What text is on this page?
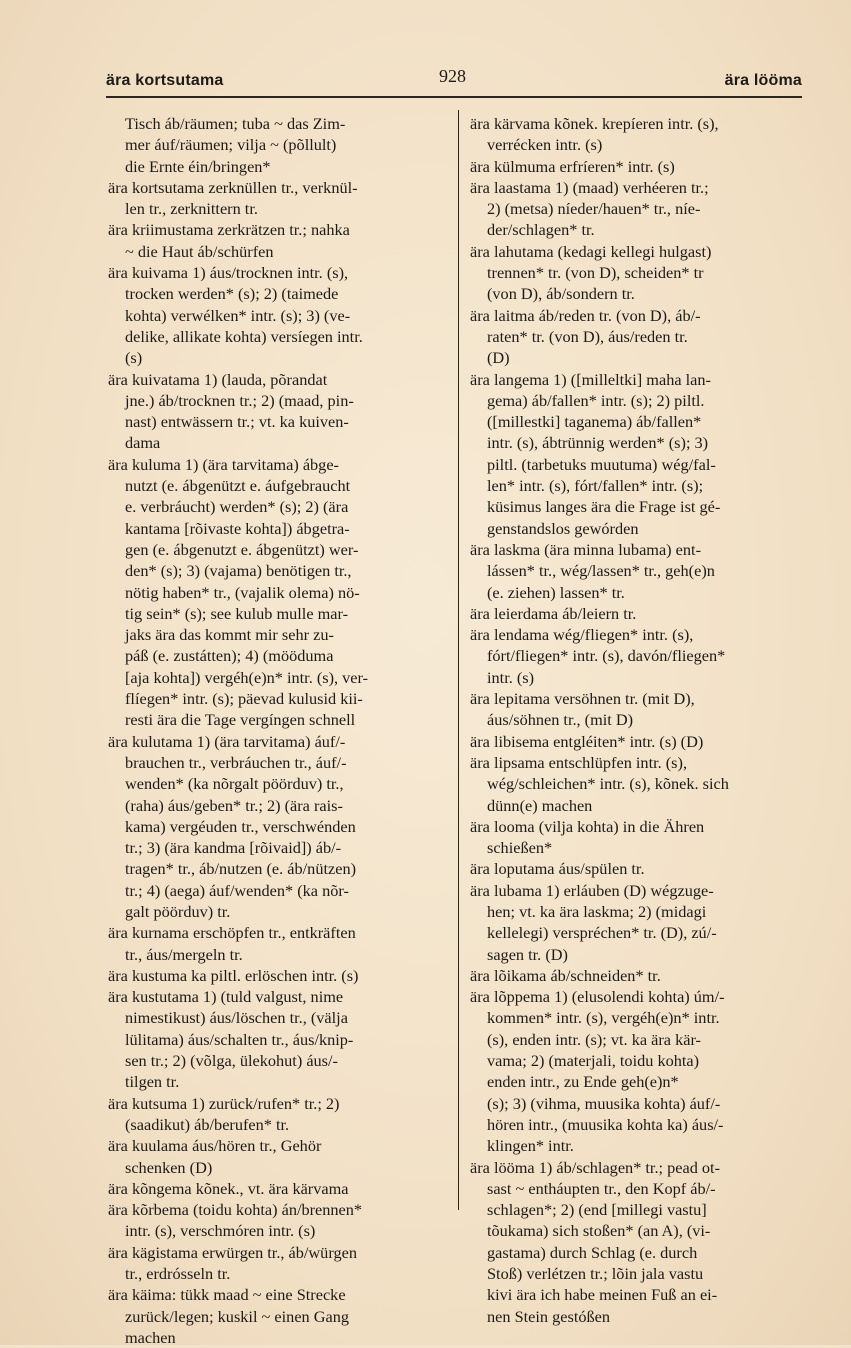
ära kortsutama	928	ära lööma
Tisch áb/räumen; tuba ~ das Zim-
mer áuf/räumen; vilja ~ (põllult)
die Ernte éin/bringen*
ära kortsutama zerknüllen tr., verknül-
len tr., zerknittern tr.
ära kriimustama zerkrätzen tr.; nahka
~ die Haut áb/schürfen
ära kuivama 1) áus/trocknen intr. (s),
trocken werden* (s); 2) (taimede
kohta) verwélken* intr. (s); 3) (ve-
delike, allikate kohta) versíegen intr.
(s)
ära kuivatama 1) (lauda, põrandat
jne.) áb/trocknen tr.; 2) (maad, pin-
nast) entwässern tr.; vt. ka kuiven-
dama
ära kuluma 1) (ära tarvitama) ábge-
nutzt (e. ábgenützt e. áufgebraucht
e. verbráucht) werden* (s); 2) (ära
kantama [rõivaste kohta]) ábgetra-
gen (e. ábgenutzt e. ábgenützt) wer-
den* (s); 3) (vajama) benötigen tr.,
nötig haben* tr., (vajalik olema) nö-
tig sein* (s); see kulub mulle mar-
jaks ära das kommt mir sehr zu-
páß (e. zustátten); 4) (möödumа
[aja kohta]) vergéh(e)n* intr. (s), ver-
flíegen* intr. (s); päevad kulusid kii-
resti ära die Tage vergíngen schnell
ära kulutama 1) (ära tarvitama) áuf/-
brauchen tr., verbráuchen tr., áuf/-
wenden* (ka nõrgalt pöörduv) tr.,
(raha) áus/geben* tr.; 2) (ära rais-
kama) vergéuden tr., verschwénden
tr.; 3) (ära kandma [rõivaid]) áb/-
tragen* tr., áb/nutzen (e. áb/nützen)
tr.; 4) (aega) áuf/wenden* (ka nõr-
galt pöörduv) tr.
ära kurnama erschöpfen tr., entkräften
tr., áus/mergeln tr.
ära kustuma ka piltl. erlöschen intr. (s)
ära kustutama 1) (tuld valgust, nime
nimestikust) áus/löschen tr., (välja
lülitama) áus/schalten tr., áus/knip-
sen tr.; 2) (võlga, ülekohut) áus/-
tilgen tr.
ära kutsuma 1) zurück/rufen* tr.; 2)
(saadikut) áb/berufen* tr.
ära kuulama áus/hören tr., Gehör
schenken (D)
ära kõngema kõnek., vt. ära kärvama
ära kõrbema (toidu kohta) án/brennen*
intr. (s), verschmóren intr. (s)
ära kägistama erwürgen tr., áb/würgen
tr., erdrósseln tr.
ära käima: tükk maad ~ eine Strecke
zurück/legen; kuskil ~ einen Gang
machen
ära kärvama kõnek. krepíeren intr. (s),
verrécken intr. (s)
ära külmuma erfríeren* intr. (s)
ära laastama 1) (maad) verhéeren tr.;
2) (metsa) níeder/hauen* tr., níe-
der/schlagen* tr.
ära lahutama (kedagi kellegi hulgast)
trennen* tr. (von D), scheiden* tr
(von D), áb/sondern tr.
ära laitma áb/reden tr. (von D), áb/-
raten* tr. (von D), áus/reden tr.
(D)
ära langema 1) ([milleltki] maha lan-
gema) áb/fallen* intr. (s); 2) piltl.
([millestki] taganema) áb/fallen*
intr. (s), ábtrünnig werden* (s); 3)
piltl. (tarbetuks muutuma) wég/fal-
len* intr. (s), fórt/fallen* intr. (s);
küsimus langes ära die Frage ist gé-
genstandslos gewórden
ära laskma (ära minna lubama) ent-
lássen* tr., wég/lassen* tr., geh(e)n
(e. ziehen) lassen* tr.
ära leierdama áb/leiern tr.
ära lendama wég/fliegen* intr. (s),
fórt/fliegen* intr. (s), davón/fliegen*
intr. (s)
ära lepitama versöhnen tr. (mit D),
áus/söhnen tr., (mit D)
ära libisema entgléiten* intr. (s) (D)
ära lipsama entschlüpfen intr. (s),
wég/schleichen* intr. (s), kõnek. sich
dünn(e) machen
ära looma (vilja kohta) in die Ähren
schießen*
ära loputama áus/spülen tr.
ära lubama 1) erláuben (D) wégzuge-
hen; vt. ka ära laskma; 2) (midagi
kellelegi) verspréchen* tr. (D), zú/-
sagen tr. (D)
ära lõikama áb/schneiden* tr.
ära lõppema 1) (elusolendi kohta) úm/-
kommen* intr. (s), vergéh(e)n* intr.
(s), enden intr. (s); vt. ka ära kär-
vama; 2) (materjali, toidu kohta)
enden intr., zu Ende geh(e)n*
(s); 3) (vihma, muusika kohta) áuf/-
hören intr., (muusika kohta ka) áus/-
klingen* intr.
ära lööma 1) áb/schlagen* tr.; pead ot-
sast ~ entháupten tr., den Kopf áb/-
schlagen*; 2) (end [millegi vastu]
tõukama) sich stoßen* (an A), (vi-
gastama) durch Schlag (e. durch
Stoß) verlétzen tr.; lõin jala vastu
kivi ära ich habe meinen Fuß an ei-
nen Stein gestóßen
